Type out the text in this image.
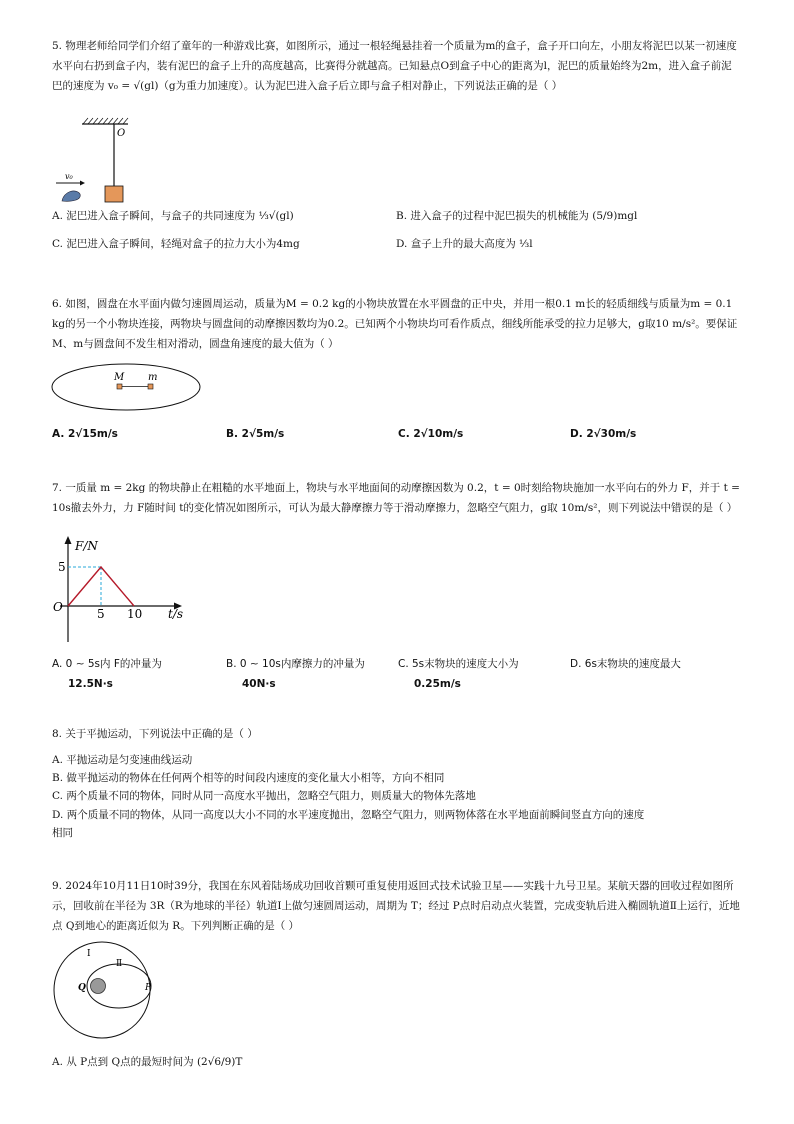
5. 物理老师给同学们介绍了童年的一种游戏比赛，如图所示，通过一根轻绳悬挂着一个质量为m的盒子，盒子开口向左，小朋友将泥巴以某一初速度水平向右扔到盒子内，装有泥巴的盒子上升的高度越高，比赛得分就越高。已知悬点O到盒子中心的距离为l，泥巴的质量始终为2m，进入盒子前泥巴的速度为 v₀ = √(gl)（g为重力加速度）。认为泥巴进入盒子后立即与盒子相对静止，下列说法正确的是（ ）

O
v₀
A. 泥巴进入盒子瞬间，与盒子的共同速度为 ⅓√(gl)	B. 进入盒子的过程中泥巴损失的机械能为 (5/9)mgl
C. 泥巴进入盒子瞬间，轻绳对盒子的拉力大小为4mg	D. 盒子上升的最大高度为 ⅓l

6. 如图，圆盘在水平面内做匀速圆周运动，质量为M = 0.2 kg的小物块放置在水平圆盘的正中央，并用一根0.1 m长的轻质细线与质量为m = 0.1 kg的另一个小物块连接，两物块与圆盘间的动摩擦因数均为0.2。已知两个小物块均可看作质点，细线所能承受的拉力足够大，g取10 m/s²。要保证M、m与圆盘间不发生相对滑动，圆盘角速度的最大值为（ ）

M m
A. 2√15m/s	B. 2√5m/s	C. 2√10m/s	D. 2√30m/s

7. 一质量 m = 2kg 的物块静止在粗糙的水平地面上，物块与水平地面间的动摩擦因数为 0.2，t = 0时刻给物块施加一水平向右的外力 F，并于 t = 10s撤去外力，力 F随时间 t的变化情况如图所示，可认为最大静摩擦力等于滑动摩擦力，忽略空气阻力，g取 10m/s²，则下列说法中错误的是（ ）

F/N
t/s
O
5
5 10
A. 0 ∼ 5s内 F的冲量为
12.5N·s
B. 0 ∼ 10s内摩擦力的冲量为
40N·s
C. 5s末物块的速度大小为
0.25m/s
D. 6s末物块的速度最大

8. 关于平抛运动，下列说法中正确的是（ ）

A. 平抛运动是匀变速曲线运动
B. 做平抛运动的物体在任何两个相等的时间段内速度的变化量大小相等，方向不相同
C. 两个质量不同的物体，同时从同一高度水平抛出，忽略空气阻力，则质量大的物体先落地
D. 两个质量不同的物体，从同一高度以大小不同的水平速度抛出，忽略空气阻力，则两物体落在水平地面前瞬间竖直方向的速度
相同

9. 2024年10月11日10时39分，我国在东风着陆场成功回收首颗可重复使用返回式技术试验卫星——实践十九号卫星。某航天器的回收过程如图所示，回收前在半径为 3R（R为地球的半径）轨道Ⅰ上做匀速圆周运动，周期为 T；经过 P点时启动点火装置，完成变轨后进入椭圆轨道Ⅱ上运行，近地点 Q到地心的距离近似为 R。下列判断正确的是（ ）

Ⅰ
Ⅱ
Q	P
A. 从 P点到 Q点的最短时间为 (2√6/9)T
